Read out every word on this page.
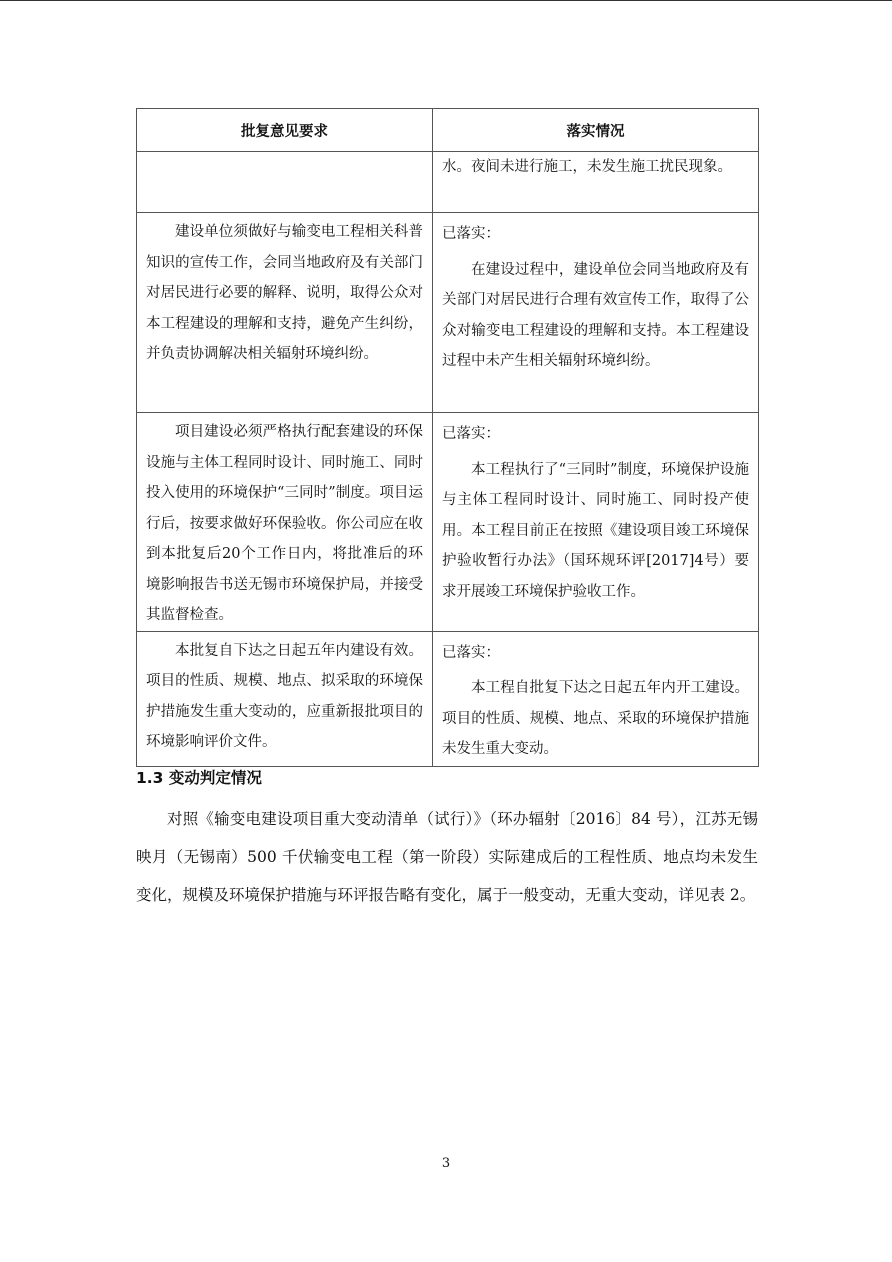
批复意见要求	落实情况

	水。夜间未进行施工，未发生施工扰民现象。

建设单位须做好与输变电工程相关科普知识的宣传工作，会同当地政府及有关部门对居民进行必要的解释、说明，取得公众对本工程建设的理解和支持，避免产生纠纷，并负责协调解决相关辐射环境纠纷。	已落实：
在建设过程中，建设单位会同当地政府及有关部门对居民进行合理有效宣传工作，取得了公众对输变电工程建设的理解和支持。本工程建设过程中未产生相关辐射环境纠纷。

项目建设必须严格执行配套建设的环保设施与主体工程同时设计、同时施工、同时投入使用的环境保护“三同时”制度。项目运行后，按要求做好环保验收。你公司应在收到本批复后20个工作日内，将批准后的环境影响报告书送无锡市环境保护局，并接受其监督检查。	已落实：
本工程执行了“三同时”制度，环境保护设施与主体工程同时设计、同时施工、同时投产使用。本工程目前正在按照《建设项目竣工环境保护验收暂行办法》（国环规环评[2017]4号）要求开展竣工环境保护验收工作。

本批复自下达之日起五年内建设有效。项目的性质、规模、地点、拟采取的环境保护措施发生重大变动的，应重新报批项目的环境影响评价文件。	已落实：
本工程自批复下达之日起五年内开工建设。项目的性质、规模、地点、采取的环境保护措施未发生重大变动。
1.3 变动判定情况

对照《输变电建设项目重大变动清单（试行）》（环办辐射〔2016〕84 号），江苏无锡映月（无锡南）500 千伏输变电工程（第一阶段）实际建成后的工程性质、地点均未发生变化，规模及环境保护措施与环评报告略有变化，属于一般变动，无重大变动，详见表 2。

3
